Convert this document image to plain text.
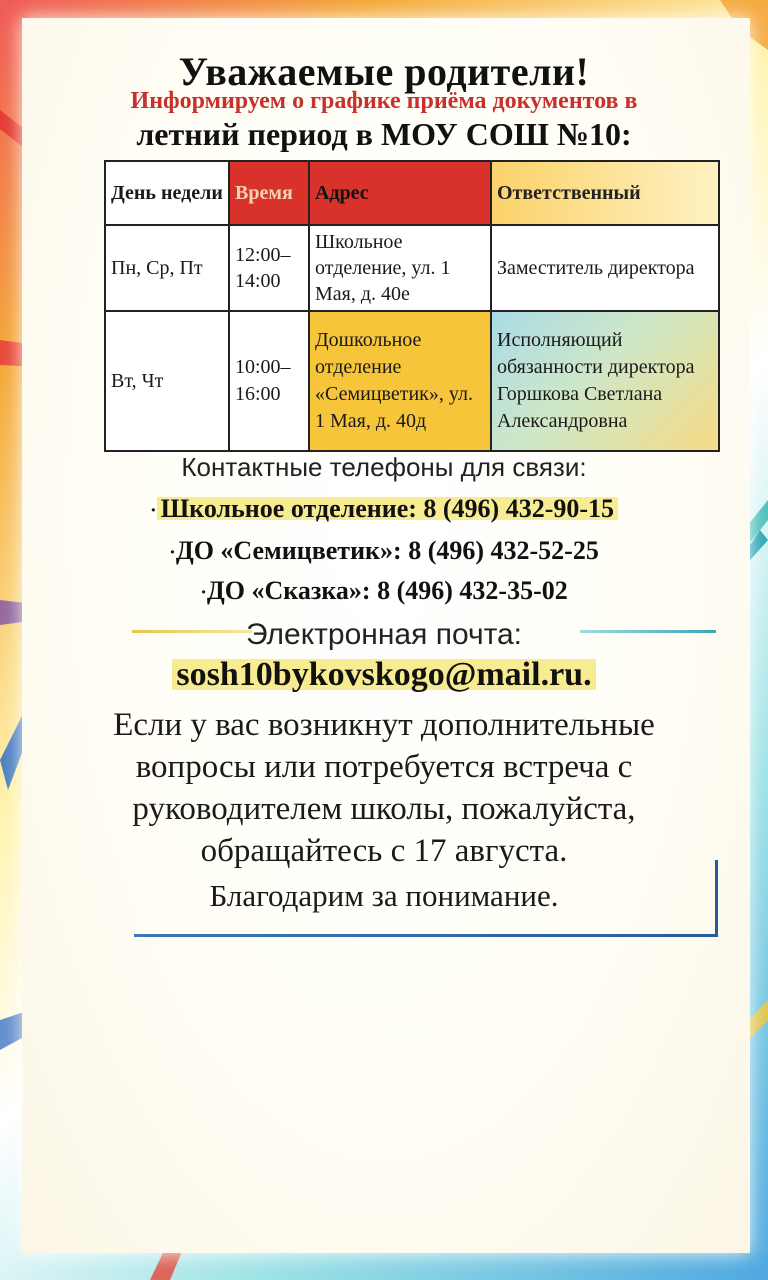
Уважаемые родители!
Информируем о графике приёма документов в
летний период в МОУ СОШ №10:
День недели	Время	Адрес	Ответственный
Пн, Ср, Пт	12:00–14:00	Школьное отделение, ул. 1 Мая, д. 40е	Заместитель директора
Вт, Чт	10:00–16:00	Дошкольное отделение «Семицветик», ул. 1 Мая, д. 40д	Исполняющий обязанности директора Горшкова Светлана Александровна
Контактные телефоны для связи:
· Школьное отделение: 8 (496) 432-90-15
·ДО «Семицветик»: 8 (496) 432-52-25
·ДО «Сказка»: 8 (496) 432-35-02
Электронная почта:
sosh10bykovskogo@mail.ru.
Если у вас возникнут дополнительные вопросы или потребуется встреча с руководителем школы, пожалуйста, обращайтесь с 17 августа.
Благодарим за понимание.
